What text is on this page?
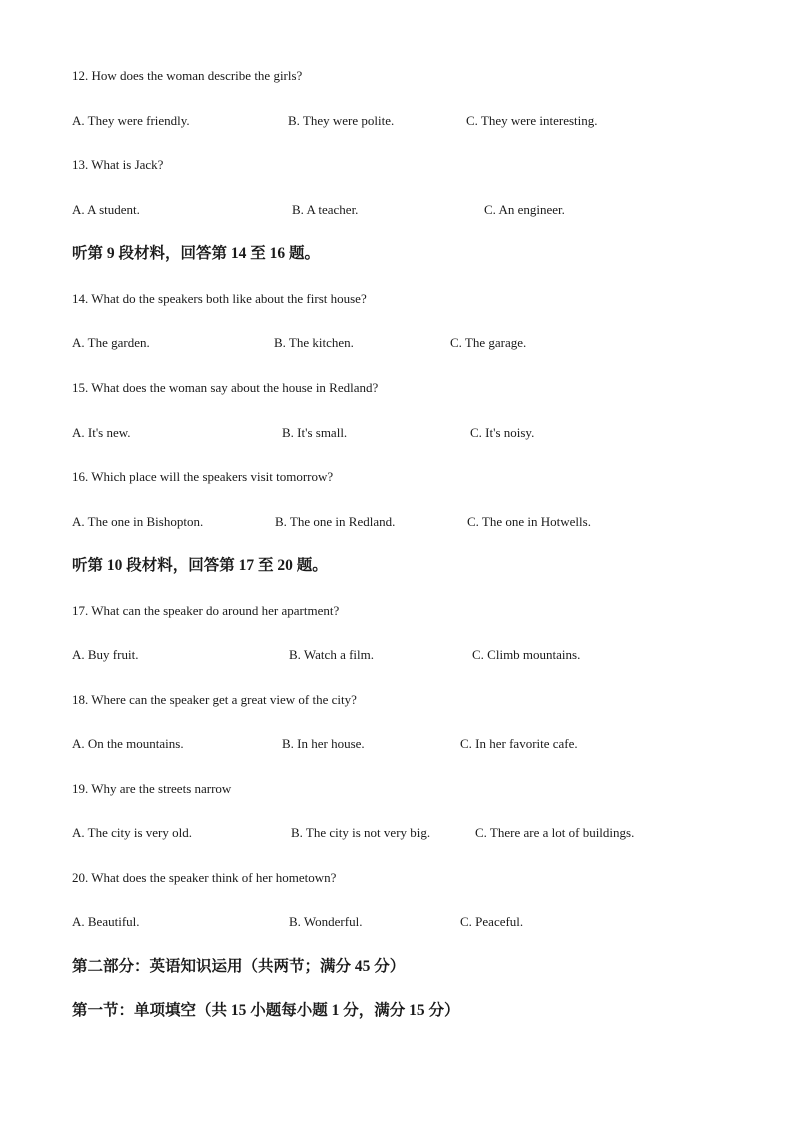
12. How does the woman describe the girls?
A. They were friendly.	B. They were polite.	C. They were interesting.
13. What is Jack?
A. A student.	B. A teacher.	C. An engineer.
听第 9 段材料，回答第 14 至 16 题。
14. What do the speakers both like about the first house?
A. The garden.	B. The kitchen.	C. The garage.
15. What does the woman say about the house in Redland?
A. It's new.	B. It's small.	C. It's noisy.
16. Which place will the speakers visit tomorrow?
A. The one in Bishopton.	B. The one in Redland.	C. The one in Hotwells.
听第 10 段材料，回答第 17 至 20 题。
17. What can the speaker do around her apartment?
A. Buy fruit.	B. Watch a film.	C. Climb mountains.
18. Where can the speaker get a great view of the city?
A. On the mountains.	B. In her house.	C. In her favorite cafe.
19. Why are the streets narrow
A. The city is very old.	B. The city is not very big.	C. There are a lot of buildings.
20. What does the speaker think of her hometown?
A. Beautiful.	B. Wonderful.	C. Peaceful.
第二部分：英语知识运用（共两节；满分 45 分）
第一节：单项填空（共 15 小题每小题 1 分，满分 15 分）
